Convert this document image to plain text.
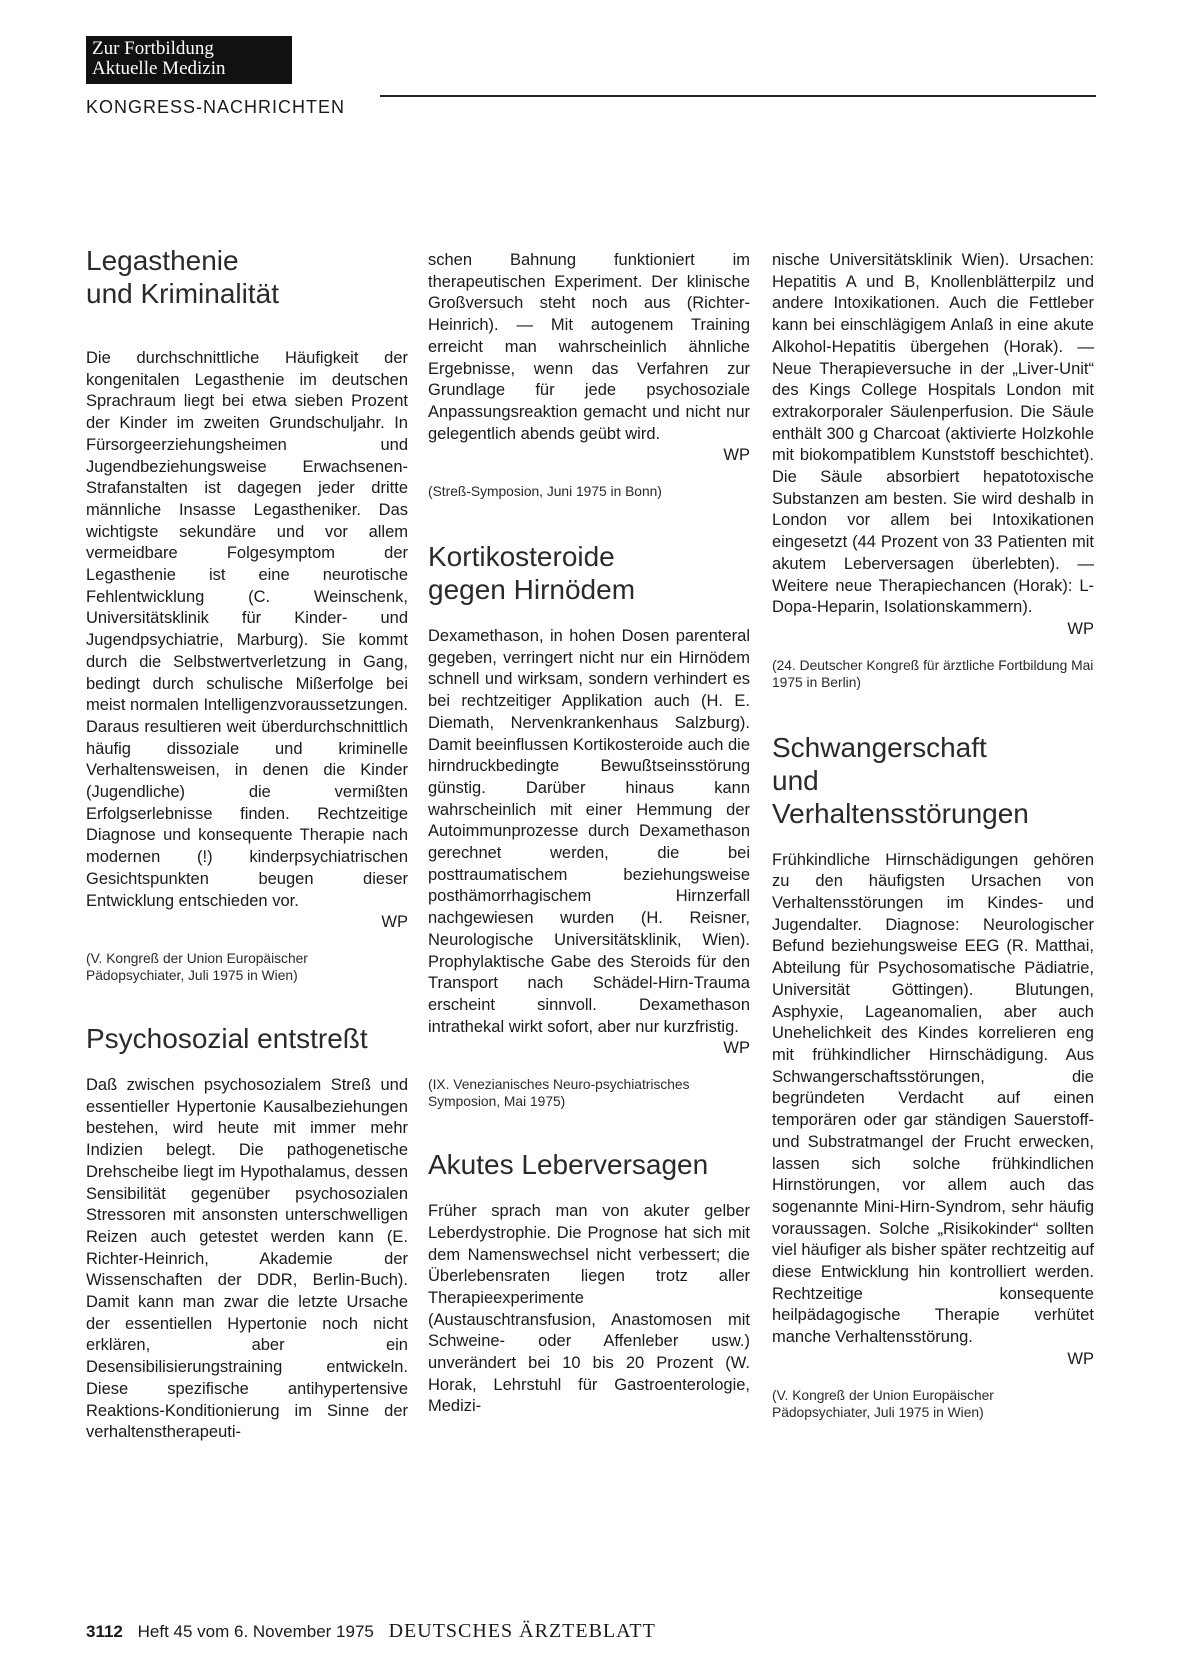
Zur Fortbildung
Aktuelle Medizin
KONGRESS-NACHRICHTEN
Legasthenie
und Kriminalität

Die durchschnittliche Häufigkeit der kongenitalen Legasthenie im deutschen Sprachraum liegt bei etwa sieben Prozent der Kinder im zweiten Grundschuljahr. In Fürsorgeerziehungsheimen und Jugendbeziehungsweise Erwachsenen-Strafanstalten ist dagegen jeder dritte männliche Insasse Legastheniker. Das wichtigste sekundäre und vor allem vermeidbare Folgesymptom der Legasthenie ist eine neurotische Fehlentwicklung (C. Weinschenk, Universitätsklinik für Kinder- und Jugendpsychiatrie, Marburg). Sie kommt durch die Selbstwertverletzung in Gang, bedingt durch schulische Mißerfolge bei meist normalen Intelligenzvoraussetzungen. Daraus resultieren weit überdurchschnittlich häufig dissoziale und kriminelle Verhaltensweisen, in denen die Kinder (Jugendliche) die vermißten Erfolgserlebnisse finden. Rechtzeitige Diagnose und konsequente Therapie nach modernen (!) kinderpsychiatrischen Gesichtspunkten beugen dieser Entwicklung entschieden vor.
WP

(V. Kongreß der Union Europäischer Pädopsychiater, Juli 1975 in Wien)

Psychosozial entstreßt

Daß zwischen psychosozialem Streß und essentieller Hypertonie Kausalbeziehungen bestehen, wird heute mit immer mehr Indizien belegt. Die pathogenetische Drehscheibe liegt im Hypothalamus, dessen Sensibilität gegenüber psychosozialen Stressoren mit ansonsten unterschwelligen Reizen auch getestet werden kann (E. Richter-Heinrich, Akademie der Wissenschaften der DDR, Berlin-Buch). Damit kann man zwar die letzte Ursache der essentiellen Hypertonie noch nicht erklären, aber ein Desensibilisierungstraining entwickeln. Diese spezifische antihypertensive Reaktions-Konditionierung im Sinne der verhaltenstherapeuti-

schen Bahnung funktioniert im therapeutischen Experiment. Der klinische Großversuch steht noch aus (Richter-Heinrich). — Mit autogenem Training erreicht man wahrscheinlich ähnliche Ergebnisse, wenn das Verfahren zur Grundlage für jede psychosoziale Anpassungsreaktion gemacht und nicht nur gelegentlich abends geübt wird.
WP

(Streß-Symposion, Juni 1975 in Bonn)

Kortikosteroide
gegen Hirnödem

Dexamethason, in hohen Dosen parenteral gegeben, verringert nicht nur ein Hirnödem schnell und wirksam, sondern verhindert es bei rechtzeitiger Applikation auch (H. E. Diemath, Nervenkrankenhaus Salzburg). Damit beeinflussen Kortikosteroide auch die hirndruckbedingte Bewußtseinsstörung günstig. Darüber hinaus kann wahrscheinlich mit einer Hemmung der Autoimmunprozesse durch Dexamethason gerechnet werden, die bei posttraumatischem beziehungsweise posthämorrhagischem Hirnzerfall nachgewiesen wurden (H. Reisner, Neurologische Universitätsklinik, Wien). Prophylaktische Gabe des Steroids für den Transport nach Schädel-Hirn-Trauma erscheint sinnvoll. Dexamethason intrathekal wirkt sofort, aber nur kurzfristig.
WP

(IX. Venezianisches Neuro-psychiatrisches Symposion, Mai 1975)

Akutes Leberversagen

Früher sprach man von akuter gelber Leberdystrophie. Die Prognose hat sich mit dem Namenswechsel nicht verbessert; die Überlebensraten liegen trotz aller Therapieexperimente (Austauschtransfusion, Anastomosen mit Schweine- oder Affenleber usw.) unverändert bei 10 bis 20 Prozent (W. Horak, Lehrstuhl für Gastroenterologie, Medizi-

nische Universitätsklinik Wien). Ursachen: Hepatitis A und B, Knollenblätterpilz und andere Intoxikationen. Auch die Fettleber kann bei einschlägigem Anlaß in eine akute Alkohol-Hepatitis übergehen (Horak). — Neue Therapieversuche in der „Liver-Unit“ des Kings College Hospitals London mit extrakorporaler Säulenperfusion. Die Säule enthält 300 g Charcoat (aktivierte Holzkohle mit biokompatiblem Kunststoff beschichtet). Die Säule absorbiert hepatotoxische Substanzen am besten. Sie wird deshalb in London vor allem bei Intoxikationen eingesetzt (44 Prozent von 33 Patienten mit akutem Leberversagen überlebten). — Weitere neue Therapiechancen (Horak): L-Dopa-Heparin, Isolationskammern).
WP

(24. Deutscher Kongreß für ärztliche Fortbildung Mai 1975 in Berlin)

Schwangerschaft
und
Verhaltensstörungen

Frühkindliche Hirnschädigungen gehören zu den häufigsten Ursachen von Verhaltensstörungen im Kindes- und Jugendalter. Diagnose: Neurologischer Befund beziehungsweise EEG (R. Matthai, Abteilung für Psychosomatische Pädiatrie, Universität Göttingen). Blutungen, Asphyxie, Lageanomalien, aber auch Unehelichkeit des Kindes korrelieren eng mit frühkindlicher Hirnschädigung. Aus Schwangerschaftsstörungen, die begründeten Verdacht auf einen temporären oder gar ständigen Sauerstoff- und Substratmangel der Frucht erwecken, lassen sich solche frühkindlichen Hirnstörungen, vor allem auch das sogenannte Mini-Hirn-Syndrom, sehr häufig voraussagen. Solche „Risikokinder“ sollten viel häufiger als bisher später rechtzeitig auf diese Entwicklung hin kontrolliert werden. Rechtzeitige konsequente heilpädagogische Therapie verhütet manche Verhaltensstörung.
WP

(V. Kongreß der Union Europäischer Pädopsychiater, Juli 1975 in Wien)

3112 Heft 45 vom 6. November 1975 DEUTSCHES ÄRZTEBLATT
